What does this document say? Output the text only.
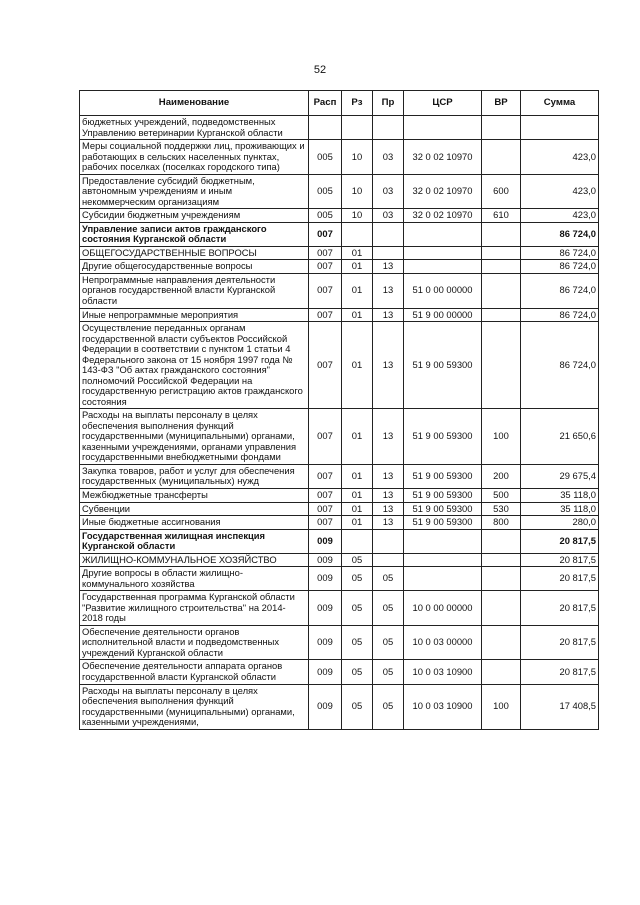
52
Наименование	Расп	Рз	Пр	ЦСР	ВР	Сумма
бюджетных учреждений, подведомственных Управлению ветеринарии Курганской области						
Меры социальной поддержки лиц, проживающих и работающих в сельских населенных пунктах, рабочих поселках (поселках городского типа)	005	10	03	32 0 02 10970		423,0
Предоставление субсидий бюджетным, автономным учреждениям и иным некоммерческим организациям	005	10	03	32 0 02 10970	600	423,0
Субсидии бюджетным учреждениям	005	10	03	32 0 02 10970	610	423,0
Управление записи актов гражданского состояния Курганской области	007					86 724,0
ОБЩЕГОСУДАРСТВЕННЫЕ ВОПРОСЫ	007	01				86 724,0
Другие общегосударственные вопросы	007	01	13			86 724,0
Непрограммные направления деятельности органов государственной власти Курганской области	007	01	13	51 0 00 00000		86 724,0
Иные непрограммные мероприятия	007	01	13	51 9 00 00000		86 724,0
Осуществление переданных органам государственной власти субъектов Российской Федерации в соответствии с пунктом 1 статьи 4 Федерального закона от 15 ноября 1997 года № 143-ФЗ "Об актах гражданского состояния" полномочий Российской Федерации на государственную регистрацию актов гражданского состояния	007	01	13	51 9 00 59300		86 724,0
Расходы на выплаты персоналу в целях обеспечения выполнения функций государственными (муниципальными) органами, казенными учреждениями, органами управления государственными внебюджетными фондами	007	01	13	51 9 00 59300	100	21 650,6
Закупка товаров, работ и услуг для обеспечения государственных (муниципальных) нужд	007	01	13	51 9 00 59300	200	29 675,4
Межбюджетные трансферты	007	01	13	51 9 00 59300	500	35 118,0
Субвенции	007	01	13	51 9 00 59300	530	35 118,0
Иные бюджетные ассигнования	007	01	13	51 9 00 59300	800	280,0
Государственная жилищная инспекция Курганской области	009					20 817,5
ЖИЛИЩНО-КОММУНАЛЬНОЕ ХОЗЯЙСТВО	009	05				20 817,5
Другие вопросы в области жилищно-коммунального хозяйства	009	05	05			20 817,5
Государственная программа Курганской области "Развитие жилищного строительства" на 2014-2018 годы	009	05	05	10 0 00 00000		20 817,5
Обеспечение деятельности органов исполнительной власти и подведомственных учреждений Курганской области	009	05	05	10 0 03 00000		20 817,5
Обеспечение деятельности аппарата органов государственной власти Курганской области	009	05	05	10 0 03 10900		20 817,5
Расходы на выплаты персоналу в целях обеспечения выполнения функций государственными (муниципальными) органами, казенными учреждениями,	009	05	05	10 0 03 10900	100	17 408,5
